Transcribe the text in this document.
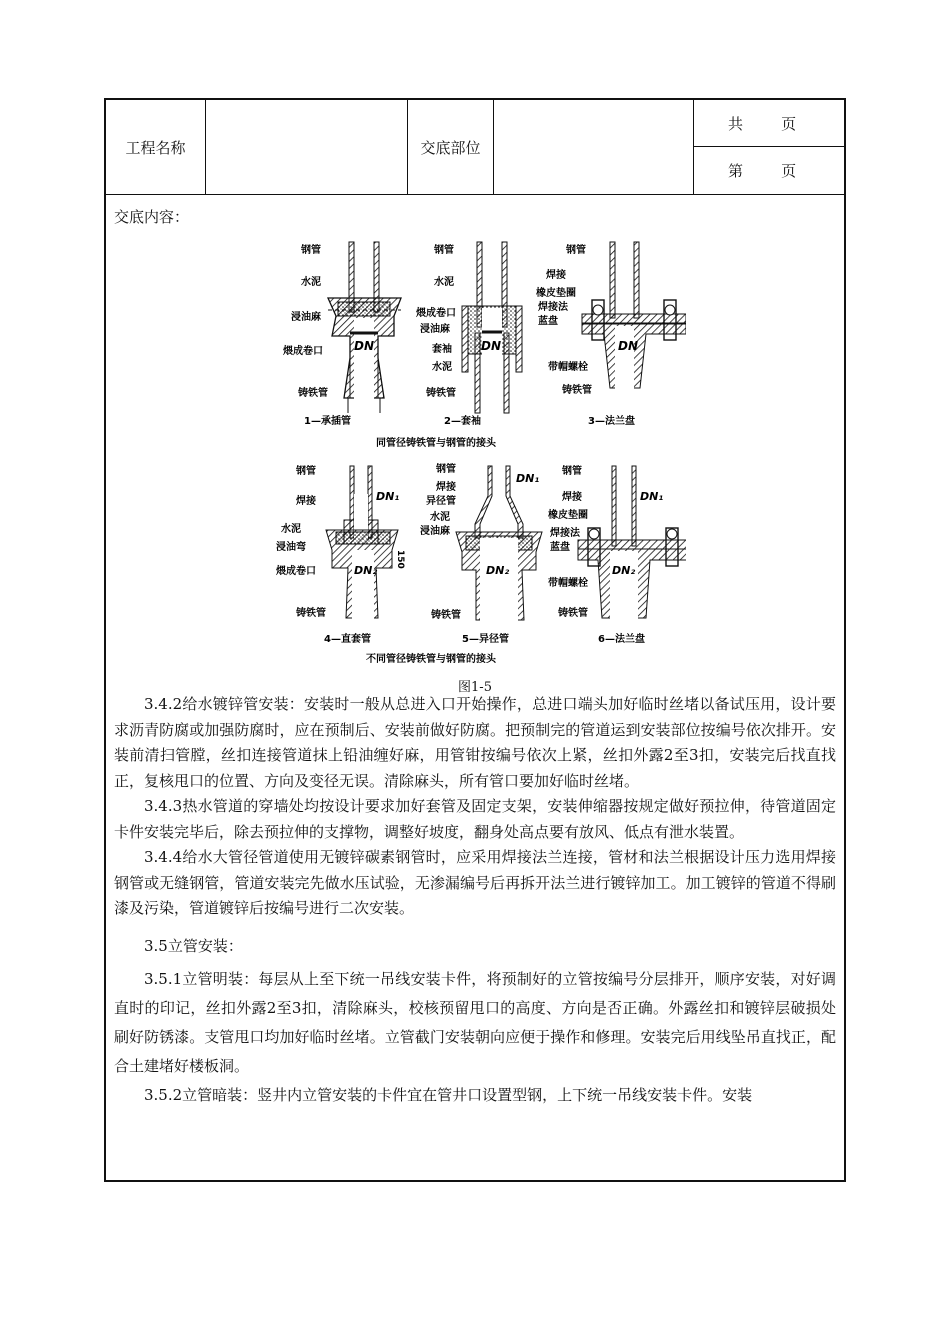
工程名称	交底部位
共        页
第        页
交底内容：
DN
钢管
水泥
浸油麻
煨成卷口
铸铁管
1—承插管
DN
钢管
水泥
煨成卷口
浸油麻
套袖
水泥
铸铁管
2—套袖
DN
钢管
焊接
橡皮垫圈
焊接法
蓝盘
带帽螺栓
铸铁管
3—法兰盘
同管径铸铁管与钢管的接头
DN₁
DN₂
150
钢管
焊接
水泥
浸油弯
煨成卷口
铸铁管
4—直套管
DN₁
DN₂
钢管
焊接
异径管
水泥
浸油麻
铸铁管
5—异径管
DN₁
DN₂
钢管
焊接
橡皮垫圈
焊接法
蓝盘
带帽螺栓
铸铁管
6—法兰盘
不同管径铸铁管与钢管的接头
图1-5

3.4.2给水镀锌管安装：安装时一般从总进入口开始操作，总进口端头加好临时丝堵以备试压用，设计要求沥青防腐或加强防腐时，应在预制后、安装前做好防腐。把预制完的管道运到安装部位按编号依次排开。安装前清扫管膛，丝扣连接管道抹上铅油缠好麻，用管钳按编号依次上紧，丝扣外露2至3扣，安装完后找直找正，复核甩口的位置、方向及变径无误。清除麻头，所有管口要加好临时丝堵。

3.4.3热水管道的穿墙处均按设计要求加好套管及固定支架，安装伸缩器按规定做好预拉伸，待管道固定卡件安装完毕后，除去预拉伸的支撑物，调整好坡度，翻身处高点要有放风、低点有泄水装置。

3.4.4给水大管径管道使用无镀锌碳素钢管时，应采用焊接法兰连接，管材和法兰根据设计压力选用焊接钢管或无缝钢管，管道安装完先做水压试验，无渗漏编号后再拆开法兰进行镀锌加工。加工镀锌的管道不得刷漆及污染，管道镀锌后按编号进行二次安装。

3.5立管安装：

3.5.1立管明装：每层从上至下统一吊线安装卡件，将预制好的立管按编号分层排开，顺序安装，对好调直时的印记，丝扣外露2至3扣，清除麻头，校核预留甩口的高度、方向是否正确。外露丝扣和镀锌层破损处刷好防锈漆。支管甩口均加好临时丝堵。立管截门安装朝向应便于操作和修理。安装完后用线坠吊直找正，配合土建堵好楼板洞。

3.5.2立管暗装：竖井内立管安装的卡件宜在管井口设置型钢，上下统一吊线安装卡件。安装
